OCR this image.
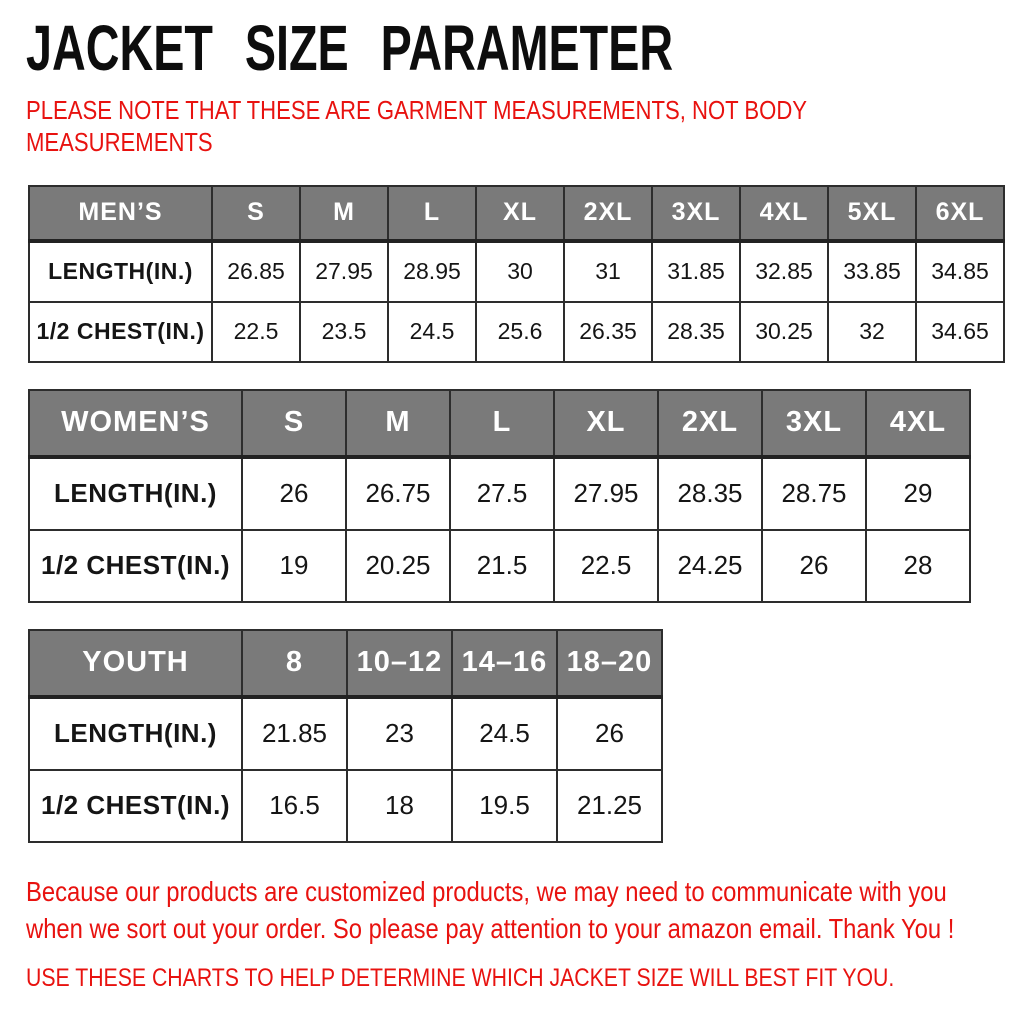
JACKET SIZE PARAMETER
PLEASE NOTE THAT THESE ARE GARMENT MEASUREMENTS, NOT BODY
MEASUREMENTS
MEN’S	S	M	L	XL	2XL	3XL	4XL	5XL	6XL
LENGTH(IN.)	26.85	27.95	28.95	30	31	31.85	32.85	33.85	34.85
1/2 CHEST(IN.)	22.5	23.5	24.5	25.6	26.35	28.35	30.25	32	34.65
WOMEN’S	S	M	L	XL	2XL	3XL	4XL
LENGTH(IN.)	26	26.75	27.5	27.95	28.35	28.75	29
1/2 CHEST(IN.)	19	20.25	21.5	22.5	24.25	26	28
YOUTH	8	10–12	14–16	18–20
LENGTH(IN.)	21.85	23	24.5	26
1/2 CHEST(IN.)	16.5	18	19.5	21.25
Because our products are customized products, we may need to communicate with you
when we sort out your order. So please pay attention to your amazon email. Thank You !
USE THESE CHARTS TO HELP DETERMINE WHICH JACKET SIZE WILL BEST FIT YOU.
